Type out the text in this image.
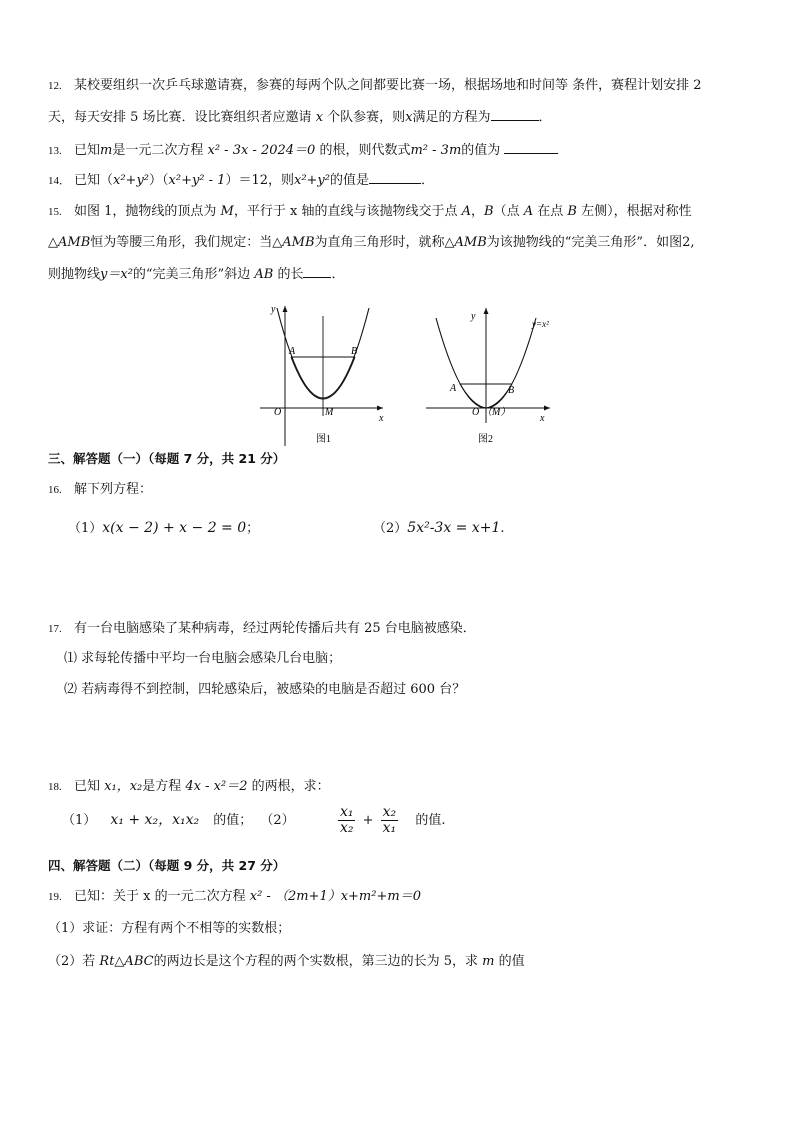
12. 某校要组织一次乒乓球邀请赛，参赛的每两个队之间都要比赛一场，根据场地和时间等 条件，赛程计划安排 2
天，每天安排 5 场比赛．设比赛组织者应邀请 x 个队参赛，则x满足的方程为	．
13. 已知m是一元二次方程 x² - 3x - 2024＝0 的根，则代数式m² - 3m的值为
14． 已知（x²+y²）（x²+y² - 1）＝12，则x²+y²的值是	．
15. 如图 1，抛物线的顶点为 M，平行于 x 轴的直线与该抛物线交于点 A，B（点 A 在点 B 左侧），根据对称性
△AMB恒为等腰三角形，我们规定：当△AMB为直角三角形时，就称△AMB为该抛物线的“完美三角形”．如图2,
则抛物线y＝x²的“完美三角形”斜边 AB 的长 ．
y
x
O	M
A	B
图1
y
x
y=x²
O （M）
A	B
图2
三、解答题（一）（每题 7 分，共 21 分）
16. 解下列方程：
（1）x(x − 2) + x − 2 = 0；	（2）5x²-3x = x+1.
17. 有一台电脑感染了某种病毒，经过两轮传播后共有 25 台电脑被感染．
⑴ 求每轮传播中平均一台电脑会感染几台电脑；
⑵ 若病毒得不到控制，四轮感染后，被感染的电脑是否超过 600 台？
18. 已知 x₁，x₂是方程 4x - x²＝2 的两根，求：
（1） x₁ + x₂，x₁x₂ 的值； （2）	$\frac{\text{x₁}}{\text{x₂}} + \frac{\text{x₂}}{\text{x₁}}$ 的值.
四、解答题（二）（每题 9 分，共 27 分）
19. 已知：关于 x 的一元二次方程 x² - （2m+1）x+m²+m＝0
（1）求证：方程有两个不相等的实数根；
（2）若 Rt△ABC的两边长是这个方程的两个实数根，第三边的长为 5，求 m 的值
